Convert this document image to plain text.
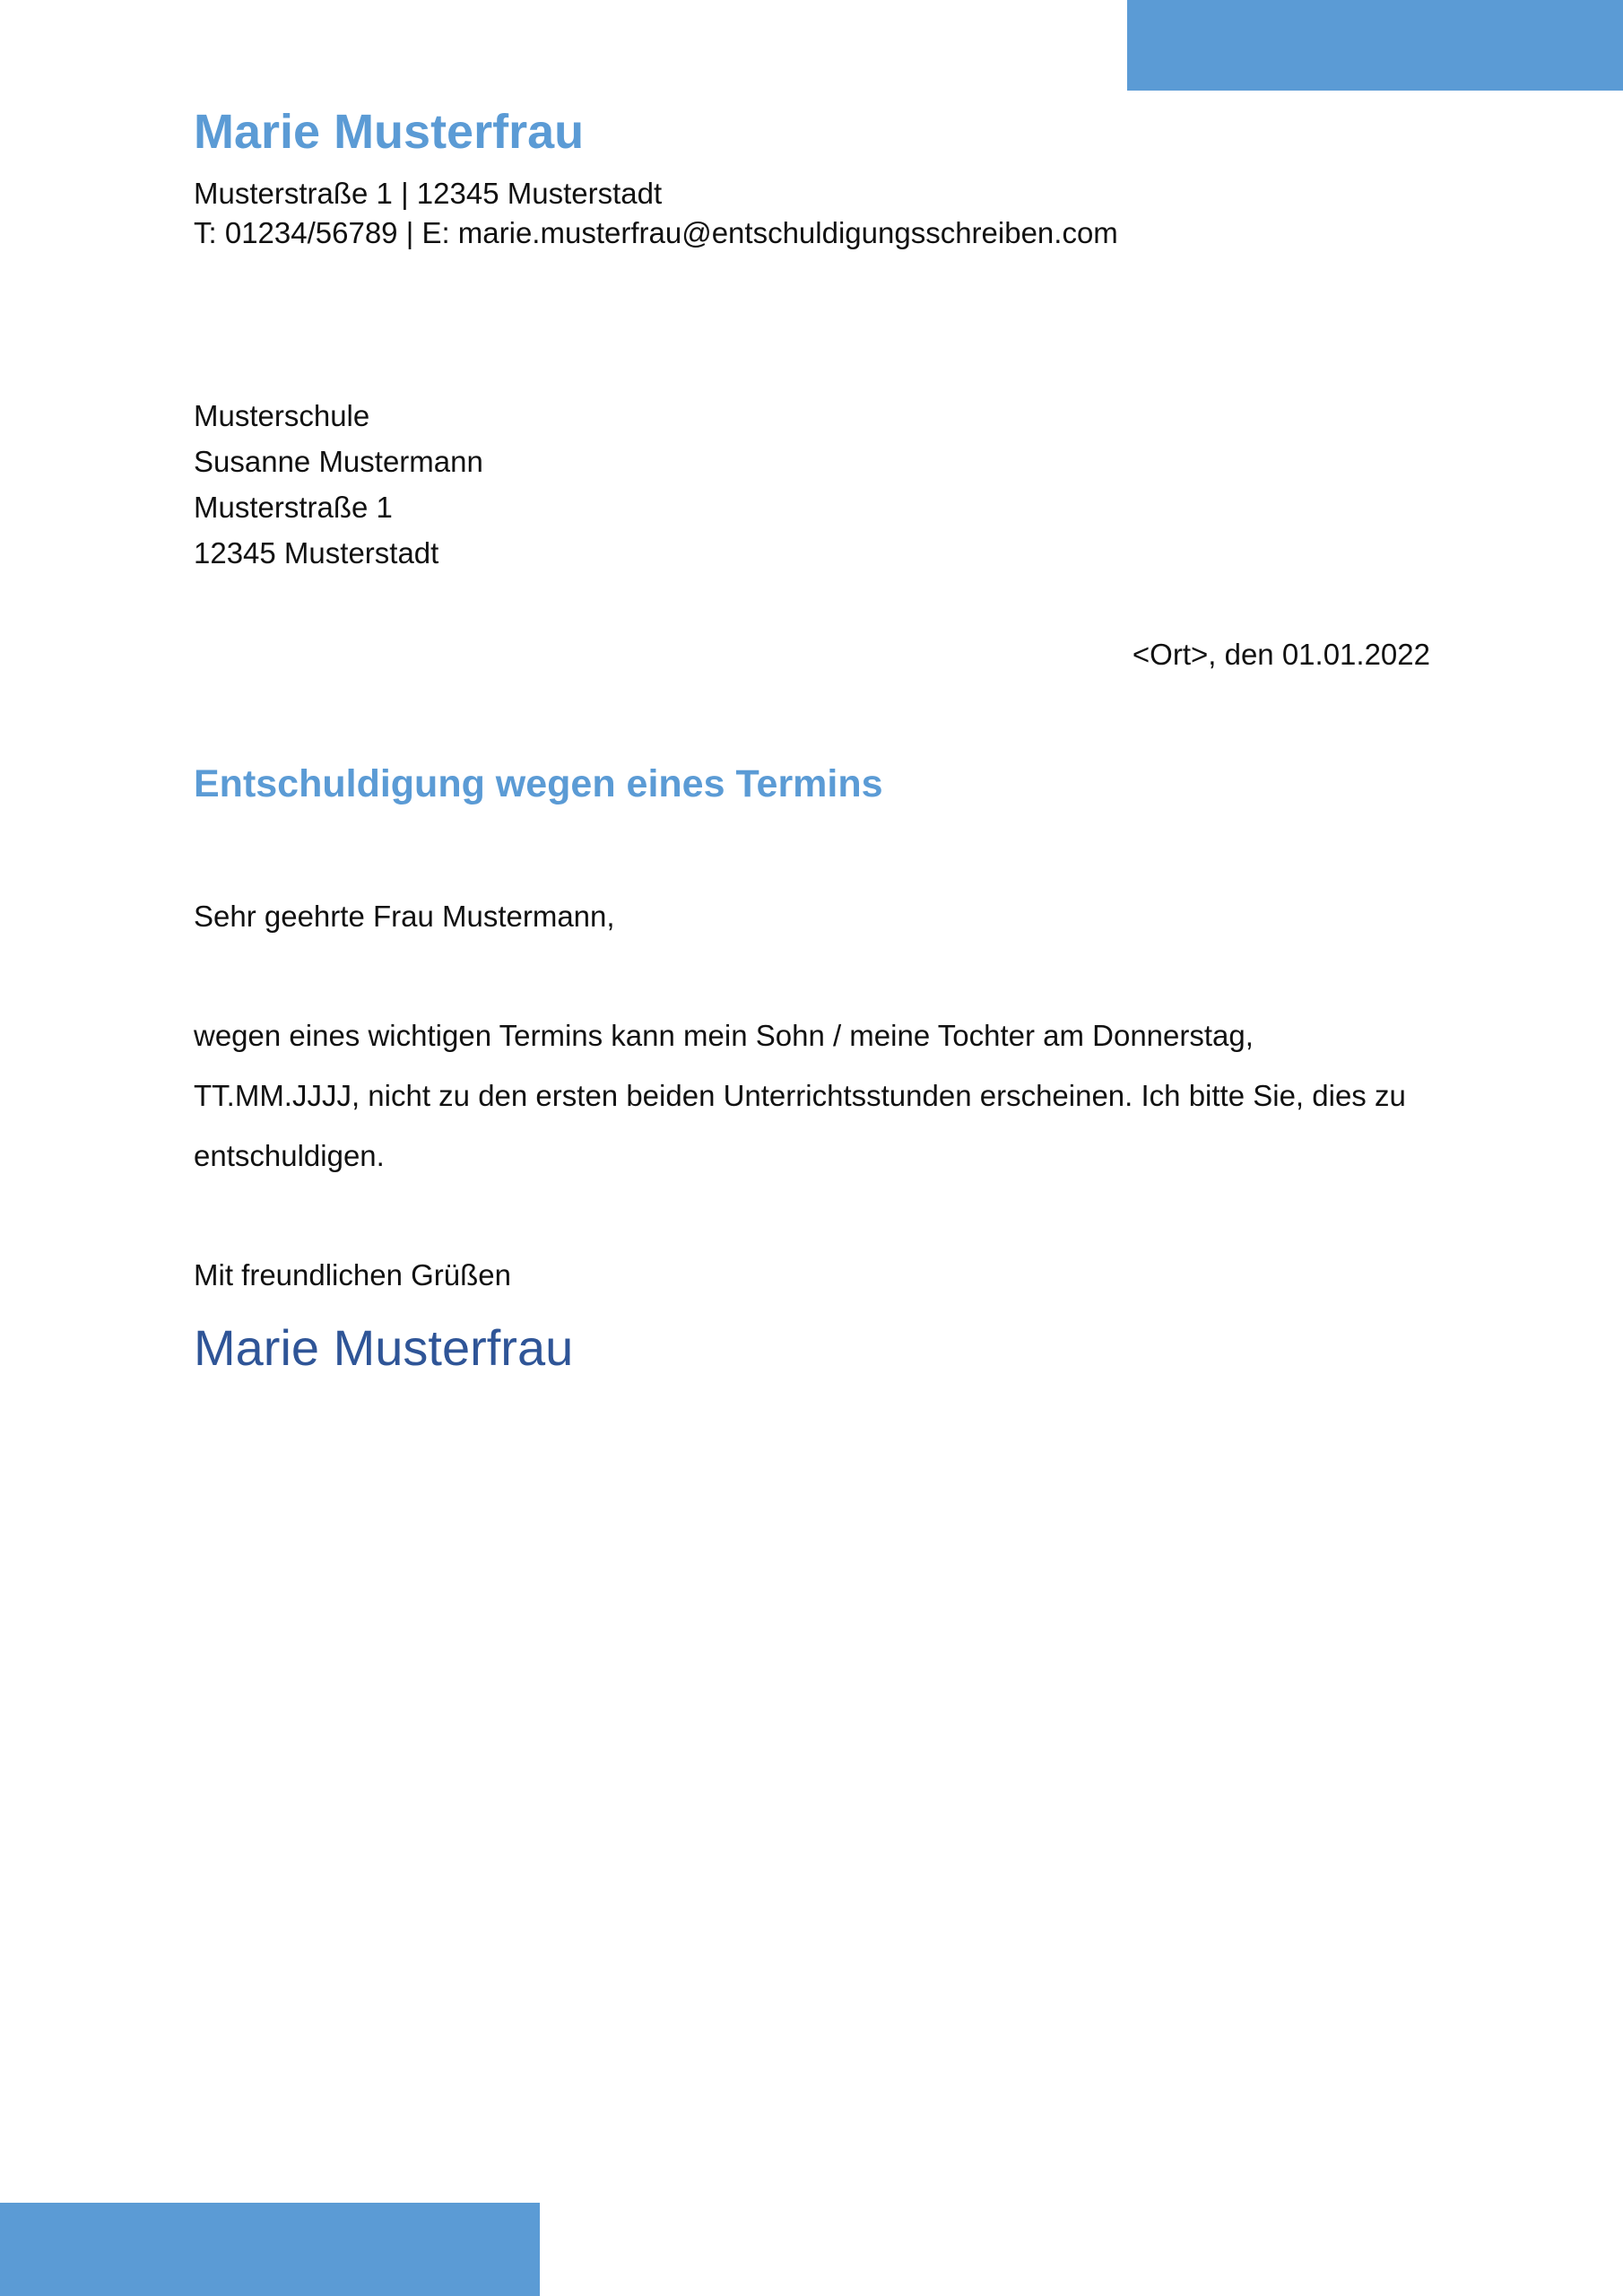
Marie Musterfrau
Musterstraße 1 | 12345 Musterstadt
T: 01234/56789 | E: marie.musterfrau@entschuldigungsschreiben.com
Musterschule
Susanne Mustermann
Musterstraße 1
12345 Musterstadt
<Ort>, den 01.01.2022
Entschuldigung wegen eines Termins
Sehr geehrte Frau Mustermann,
wegen eines wichtigen Termins kann mein Sohn / meine Tochter am Donnerstag,
TT.MM.JJJJ, nicht zu den ersten beiden Unterrichtsstunden erscheinen. Ich bitte Sie, dies zu
entschuldigen.
Mit freundlichen Grüßen
Marie Musterfrau
